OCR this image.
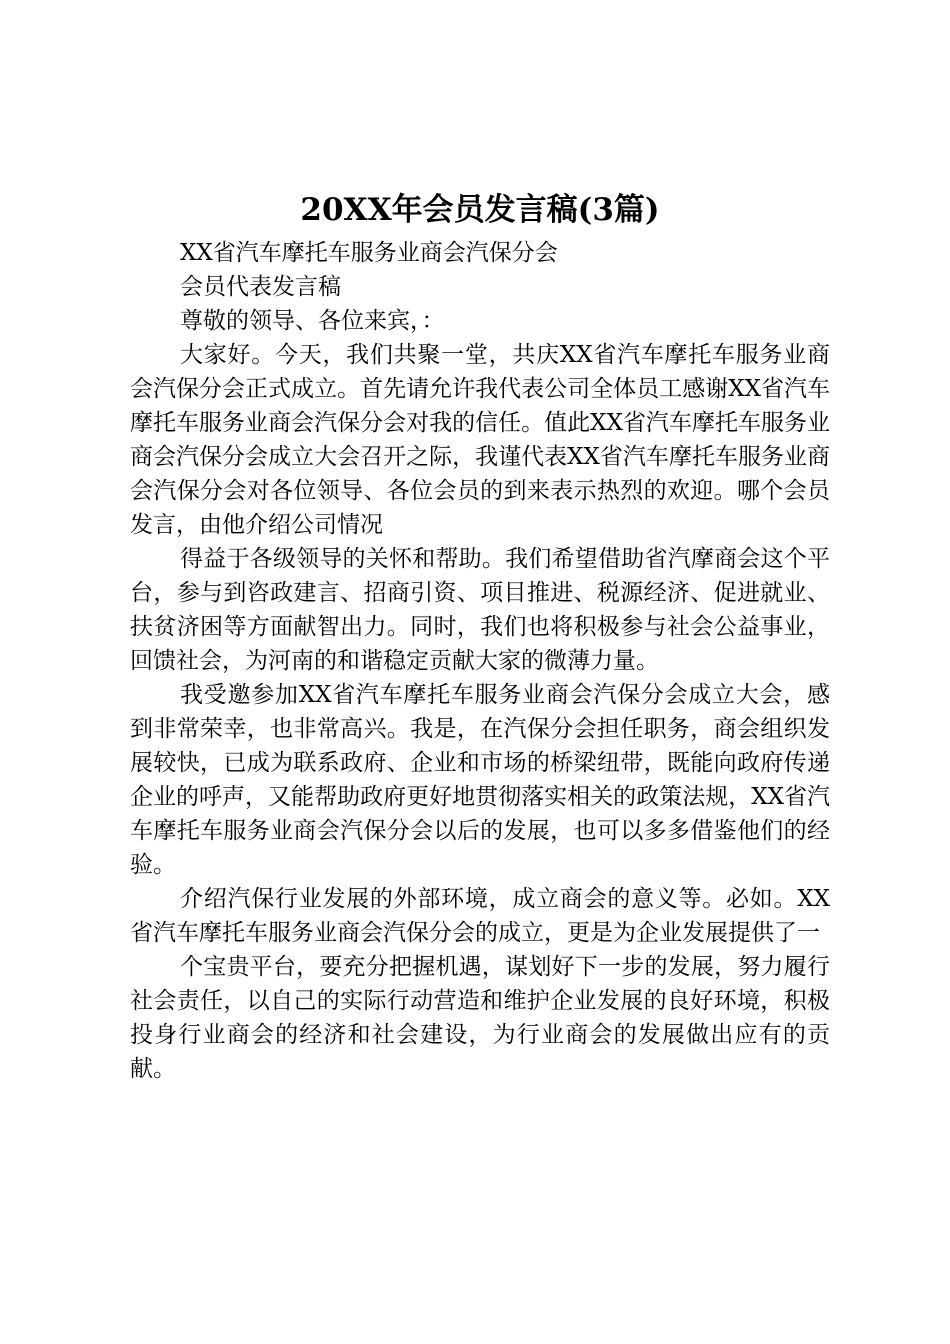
20XX年会员发言稿(3篇)

XX省汽车摩托车服务业商会汽保分会

会员代表发言稿

尊敬的领导、各位来宾，：

大家好。今天，我们共聚一堂，共庆XX省汽车摩托车服务业商会汽保分会正式成立。首先请允许我代表公司全体员工感谢XX省汽车摩托车服务业商会汽保分会对我的信任。值此XX省汽车摩托车服务业商会汽保分会成立大会召开之际，我谨代表XX省汽车摩托车服务业商会汽保分会对各位领导、各位会员的到来表示热烈的欢迎。哪个会员发言，由他介绍公司情况

得益于各级领导的关怀和帮助。我们希望借助省汽摩商会这个平台，参与到咨政建言、招商引资、项目推进、税源经济、促进就业、扶贫济困等方面献智出力。同时，我们也将积极参与社会公益事业，回馈社会，为河南的和谐稳定贡献大家的微薄力量。

我受邀参加XX省汽车摩托车服务业商会汽保分会成立大会，感到非常荣幸，也非常高兴。我是，在汽保分会担任职务，商会组织发展较快，已成为联系政府、企业和市场的桥梁纽带，既能向政府传递企业的呼声，又能帮助政府更好地贯彻落实相关的政策法规，XX省汽车摩托车服务业商会汽保分会以后的发展，也可以多多借鉴他们的经验。

介绍汽保行业发展的外部环境，成立商会的意义等。必如。XX省汽车摩托车服务业商会汽保分会的成立，更是为企业发展提供了一

个宝贵平台，要充分把握机遇，谋划好下一步的发展，努力履行社会责任，以自己的实际行动营造和维护企业发展的良好环境，积极投身行业商会的经济和社会建设，为行业商会的发展做出应有的贡献。
